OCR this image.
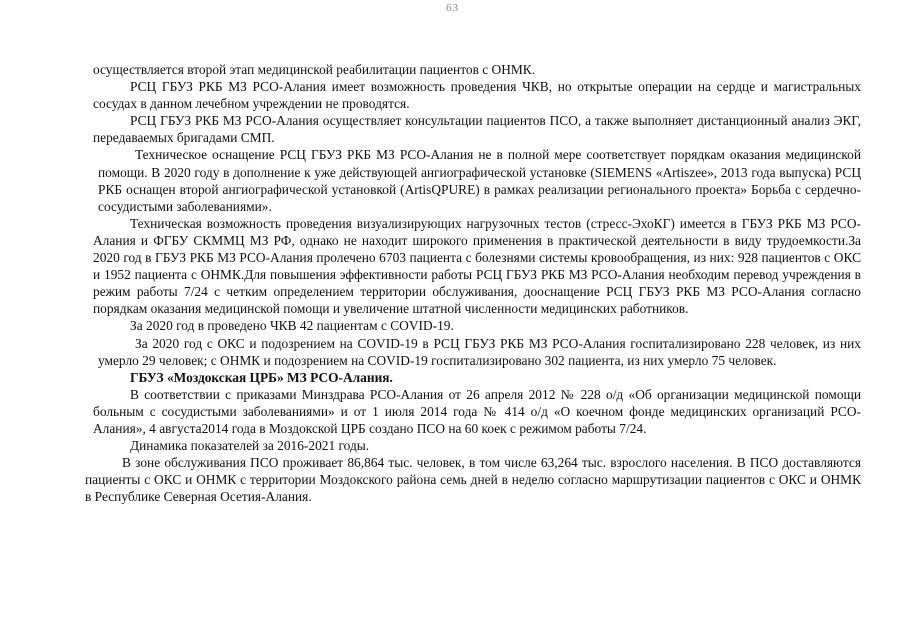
63

осуществляется второй этап медицинской реабилитации пациентов с ОНМК.

РСЦ ГБУЗ РКБ МЗ РСО-Алания имеет возможность проведения ЧКВ, но открытые операции на сердце и магистральных сосудах в данном лечебном учреждении не проводятся.

РСЦ ГБУЗ РКБ МЗ РСО-Алания осуществляет консультации пациентов ПСО, а также выполняет дистанционный анализ ЭКГ, передаваемых бригадами СМП.

Техническое оснащение РСЦ ГБУЗ РКБ МЗ РСО-Алания не в полной мере соответствует порядкам оказания медицинской помощи. В 2020 году в дополнение к уже действующей ангиографической установке (SIEMENS «Artiszee», 2013 года выпуска) РСЦ РКБ оснащен второй ангиографической установкой (ArtisQPURE) в рамках реализации регионального проекта» Борьба с сердечно-сосудистыми заболеваниями».

Техническая возможность проведения визуализирующих нагрузочных тестов (стресс-ЭхоКГ) имеется в ГБУЗ РКБ МЗ РСО-Алания и ФГБУ СКММЦ МЗ РФ, однако не находит широкого применения в практической деятельности в виду трудоемкости.За 2020 год в ГБУЗ РКБ МЗ РСО-Алания пролечено 6703 пациента с болезнями системы кровообращения, из них: 928 пациентов с ОКС и 1952 пациента с ОНМК.Для повышения эффективности работы РСЦ ГБУЗ РКБ МЗ РСО-Алания необходим перевод учреждения в режим работы 7/24 с четким определением территории обслуживания, дооснащение РСЦ ГБУЗ РКБ МЗ РСО-Алания согласно порядкам оказания медицинской помощи и увеличение штатной численности медицинских работников.

За 2020 год в проведено ЧКВ 42 пациентам с COVID-19.

За 2020 год с ОКС и подозрением на COVID-19 в РСЦ ГБУЗ РКБ МЗ РСО-Алания госпитализировано 228 человек, из них умерло 29 человек; с ОНМК и подозрением на COVID-19 госпитализировано 302 пациента, из них умерло 75 человек.

ГБУЗ «Моздокская ЦРБ» МЗ РСО-Алания.

В соответствии с приказами Минздрава РСО-Алания от 26 апреля 2012 № 228 о/д «Об организации медицинской помощи больным с сосудистыми заболеваниями» и от 1 июля 2014 года № 414 о/д «О коечном фонде медицинских организаций РСО-Алания», 4 августа2014 года в Моздокской ЦРБ создано ПСО на 60 коек с режимом работы 7/24.

Динамика показателей за 2016-2021 годы.

В зоне обслуживания ПСО проживает 86,864 тыс. человек, в том числе 63,264 тыс. взрослого населения. В ПСО доставляются пациенты с ОКС и ОНМК с территории Моздокского района семь дней в неделю согласно маршрутизации пациентов с ОКС и ОНМК в Республике Северная Осетия-Алания.
